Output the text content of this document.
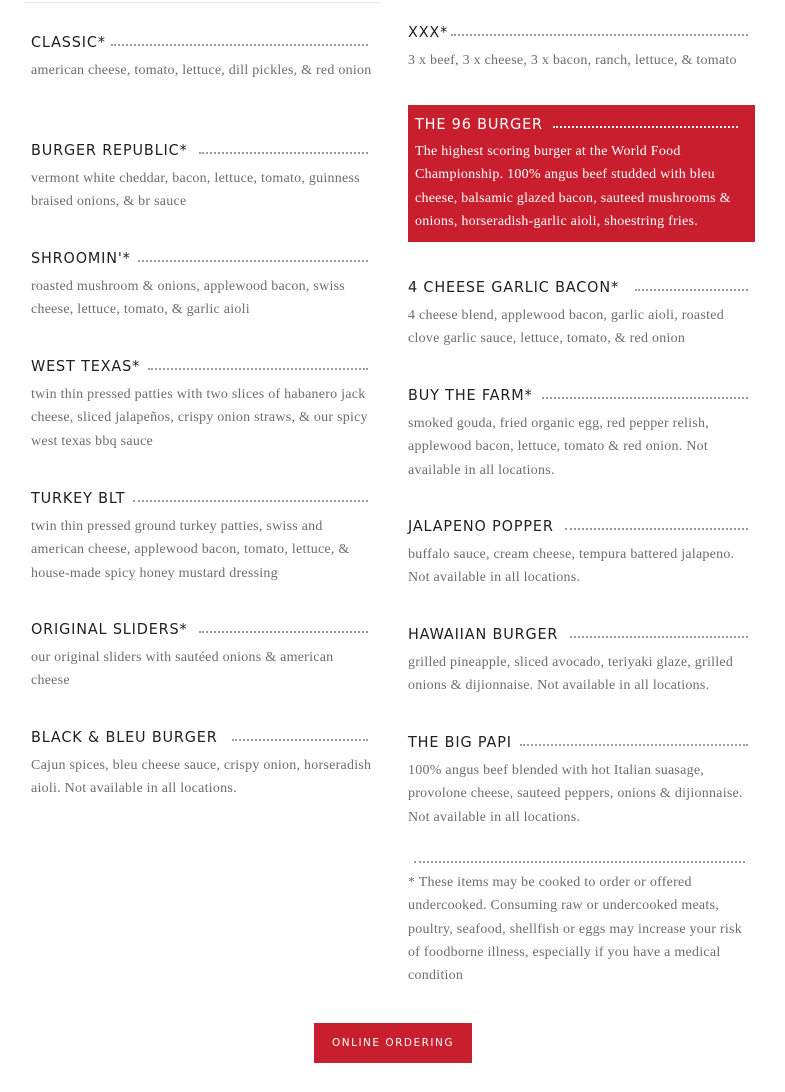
CLASSIC*

american cheese, tomato, lettuce, dill pickles, & red onion

BURGER REPUBLIC*

vermont white cheddar, bacon, lettuce, tomato, guinness braised onions, & br sauce

SHROOMIN'*

roasted mushroom & onions, applewood bacon, swiss cheese, lettuce, tomato, & garlic aioli

WEST TEXAS*

twin thin pressed patties with two slices of habanero jack cheese, sliced jalapeños, crispy onion straws, & our spicy west texas bbq sauce

TURKEY BLT

twin thin pressed ground turkey patties, swiss and american cheese, applewood bacon, tomato, lettuce, & house-made spicy honey mustard dressing

ORIGINAL SLIDERS*

our original sliders with sautéed onions & american cheese

BLACK & BLEU BURGER

Cajun spices, bleu cheese sauce, crispy onion, horseradish aioli. Not available in all locations.

XXX*

3 x beef, 3 x cheese, 3 x bacon, ranch, lettuce, & tomato

THE 96 BURGER

The highest scoring burger at the World Food Championship. 100% angus beef studded with bleu cheese, balsamic glazed bacon, sauteed mushrooms & onions, horseradish-garlic aioli, shoestring fries.

4 CHEESE GARLIC BACON*

4 cheese blend, applewood bacon, garlic aioli, roasted clove garlic sauce, lettuce, tomato, & red onion

BUY THE FARM*

smoked gouda, fried organic egg, red pepper relish, applewood bacon, lettuce, tomato & red onion. Not available in all locations.

JALAPENO POPPER

buffalo sauce, cream cheese, tempura battered jalapeno. Not available in all locations.

HAWAIIAN BURGER

grilled pineapple, sliced avocado, teriyaki glaze, grilled onions & dijionnaise. Not available in all locations.

THE BIG PAPI

100% angus beef blended with hot Italian suasage, provolone cheese, sauteed peppers, onions & dijionnaise. Not available in all locations.

* These items may be cooked to order or offered undercooked. Consuming raw or undercooked meats, poultry, seafood, shellfish or eggs may increase your risk of foodborne illness, especially if you have a medical condition

ONLINE ORDERING
